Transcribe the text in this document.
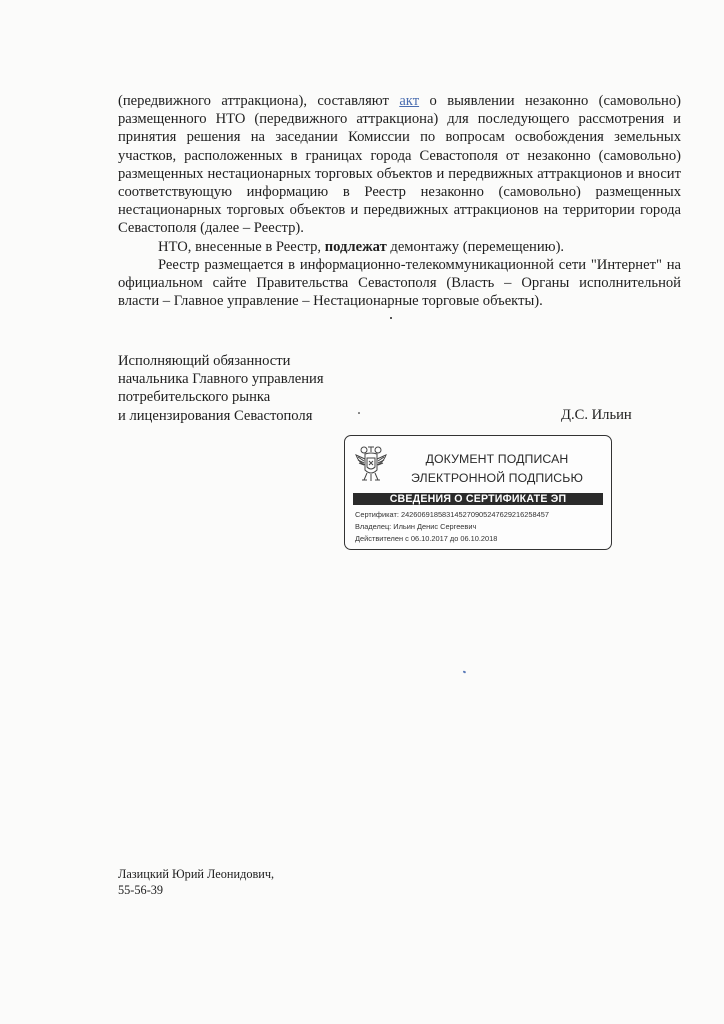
(передвижного аттракциона), составляют акт о выявлении незаконно (самовольно) размещенного НТО (передвижного аттракциона) для последующего рассмотрения и принятия решения на заседании Комиссии по вопросам освобождения земельных участков, расположенных в границах города Севастополя от незаконно (самовольно) размещенных нестационарных торговых объектов и передвижных аттракционов и вносит соответствующую информацию в Реестр незаконно (самовольно) размещенных нестационарных торговых объектов и передвижных аттракционов на территории города Севастополя (далее – Реестр).

НТО, внесенные в Реестр, подлежат демонтажу (перемещению).

Реестр размещается в информационно-телекоммуникационной сети "Интернет" на официальном сайте Правительства Севастополя (Власть – Органы исполнительной власти – Главное управление – Нестационарные торговые объекты).

Исполняющий обязанности
начальника Главного управления
потребительского рынка
и лицензирования Севастополя	Д.С. Ильин
ДОКУМЕНТ ПОДПИСАН
ЭЛЕКТРОННОЙ ПОДПИСЬЮ
СВЕДЕНИЯ О СЕРТИФИКАТЕ ЭП
Сертификат: 242606918583145270905247629216258457
Владелец: Ильин Денис Сергеевич
Действителен с 06.10.2017 до 06.10.2018
Лазицкий Юрий Леонидович,
55-56-39
